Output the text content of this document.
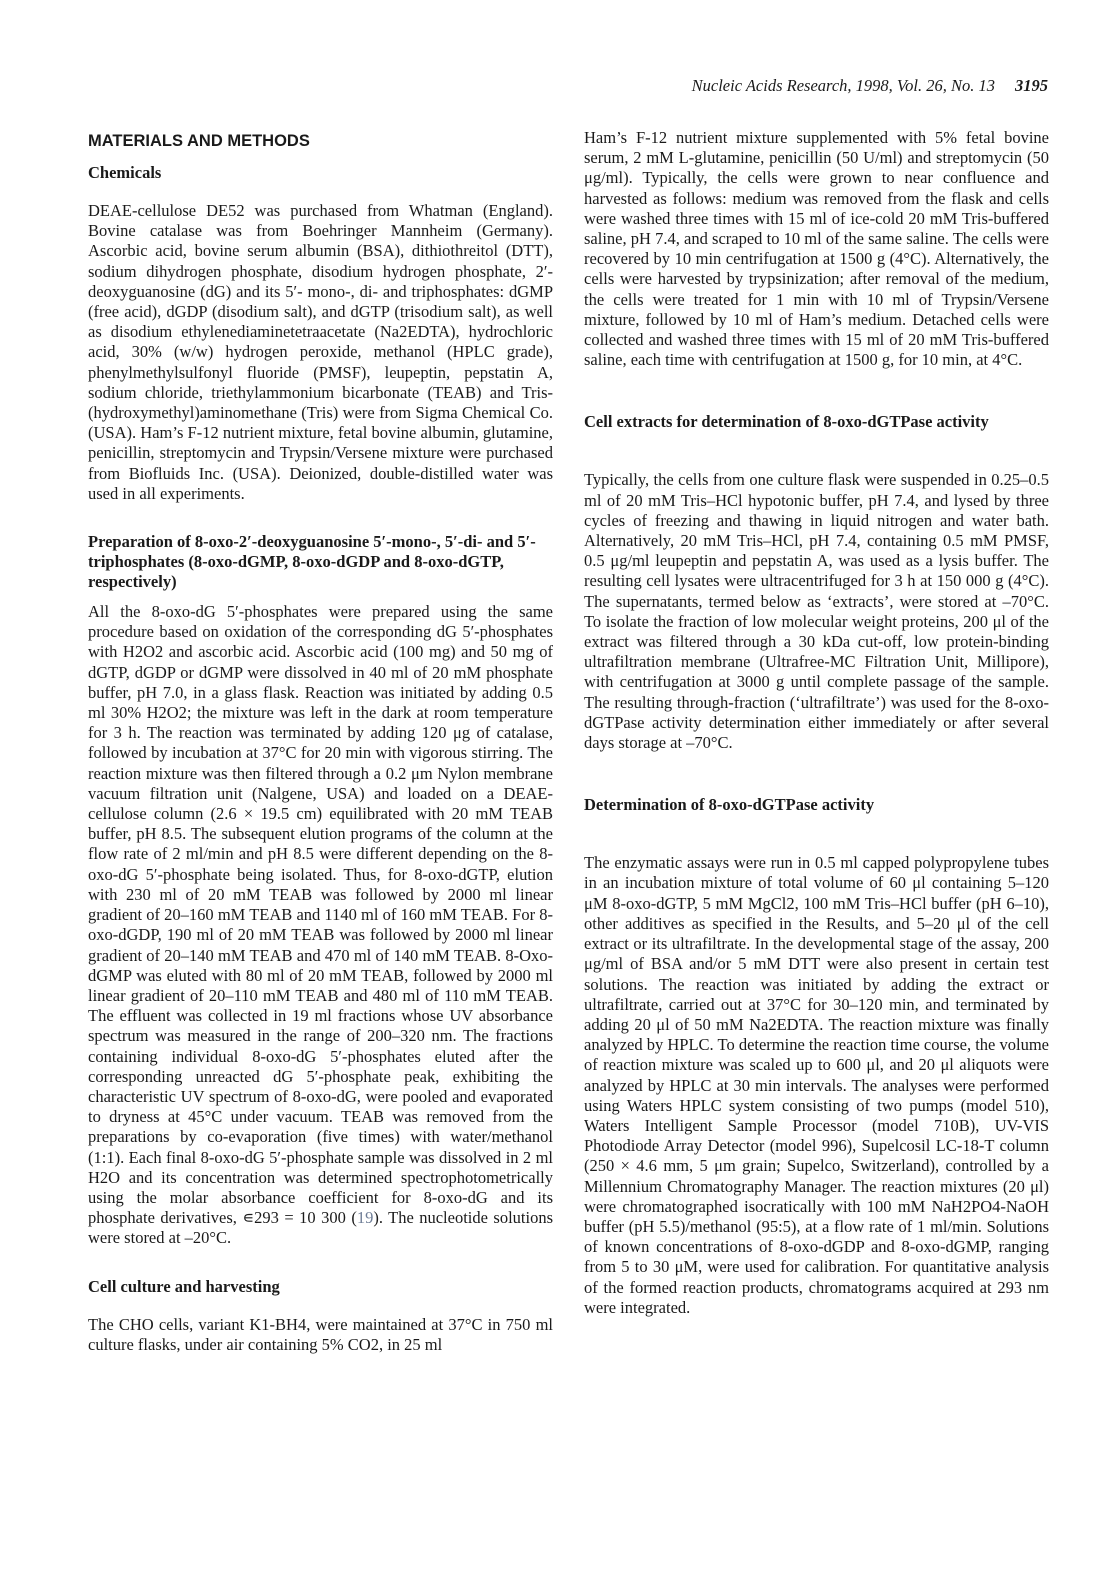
Nucleic Acids Research, 1998, Vol. 26, No. 13 3195
MATERIALS AND METHODS
Chemicals

DEAE-cellulose DE52 was purchased from Whatman (England). Bovine catalase was from Boehringer Mannheim (Germany). Ascorbic acid, bovine serum albumin (BSA), dithiothreitol (DTT), sodium dihydrogen phosphate, disodium hydrogen phosphate, 2′-deoxyguanosine (dG) and its 5′- mono-, di- and triphosphates: dGMP (free acid), dGDP (disodium salt), and dGTP (trisodium salt), as well as disodium ethylenediaminetetraacetate (Na2EDTA), hydrochloric acid, 30% (w/w) hydrogen peroxide, methanol (HPLC grade), phenylmethylsulfonyl fluoride (PMSF), leupeptin, pepstatin A, sodium chloride, triethylammonium bicarbonate (TEAB) and Tris-(hydroxymethyl)aminomethane (Tris) were from Sigma Chemical Co. (USA). Ham’s F-12 nutrient mixture, fetal bovine albumin, glutamine, penicillin, streptomycin and Trypsin/Versene mixture were purchased from Biofluids Inc. (USA). Deionized, double-distilled water was used in all experiments.

Preparation of 8-oxo-2′-deoxyguanosine 5′-mono-, 5′-di- and 5′-triphosphates (8-oxo-dGMP, 8-oxo-dGDP and 8-oxo-dGTP, respectively)

All the 8-oxo-dG 5′-phosphates were prepared using the same procedure based on oxidation of the corresponding dG 5′-phosphates with H2O2 and ascorbic acid. Ascorbic acid (100 mg) and 50 mg of dGTP, dGDP or dGMP were dissolved in 40 ml of 20 mM phosphate buffer, pH 7.0, in a glass flask. Reaction was initiated by adding 0.5 ml 30% H2O2; the mixture was left in the dark at room temperature for 3 h. The reaction was terminated by adding 120 μg of catalase, followed by incubation at 37°C for 20 min with vigorous stirring. The reaction mixture was then filtered through a 0.2 μm Nylon membrane vacuum filtration unit (Nalgene, USA) and loaded on a DEAE-cellulose column (2.6 × 19.5 cm) equilibrated with 20 mM TEAB buffer, pH 8.5. The subsequent elution programs of the column at the flow rate of 2 ml/min and pH 8.5 were different depending on the 8-oxo-dG 5′-phosphate being isolated. Thus, for 8-oxo-dGTP, elution with 230 ml of 20 mM TEAB was followed by 2000 ml linear gradient of 20–160 mM TEAB and 1140 ml of 160 mM TEAB. For 8-oxo-dGDP, 190 ml of 20 mM TEAB was followed by 2000 ml linear gradient of 20–140 mM TEAB and 470 ml of 140 mM TEAB. 8-Oxo-dGMP was eluted with 80 ml of 20 mM TEAB, followed by 2000 ml linear gradient of 20–110 mM TEAB and 480 ml of 110 mM TEAB. The effluent was collected in 19 ml fractions whose UV absorbance spectrum was measured in the range of 200–320 nm. The fractions containing individual 8-oxo-dG 5′-phosphates eluted after the corresponding unreacted dG 5′-phosphate peak, exhibiting the characteristic UV spectrum of 8-oxo-dG, were pooled and evaporated to dryness at 45°C under vacuum. TEAB was removed from the preparations by co-evaporation (five times) with water/methanol (1:1). Each final 8-oxo-dG 5′-phosphate sample was dissolved in 2 ml H2O and its concentration was determined spectrophotometrically using the molar absorbance coefficient for 8-oxo-dG and its phosphate derivatives, ∊293 = 10 300 (19). The nucleotide solutions were stored at –20°C.

Cell culture and harvesting

The CHO cells, variant K1-BH4, were maintained at 37°C in 750 ml culture flasks, under air containing 5% CO2, in 25 ml

Ham’s F-12 nutrient mixture supplemented with 5% fetal bovine serum, 2 mM L-glutamine, penicillin (50 U/ml) and streptomycin (50 μg/ml). Typically, the cells were grown to near confluence and harvested as follows: medium was removed from the flask and cells were washed three times with 15 ml of ice-cold 20 mM Tris-buffered saline, pH 7.4, and scraped to 10 ml of the same saline. The cells were recovered by 10 min centrifugation at 1500 g (4°C). Alternatively, the cells were harvested by trypsinization; after removal of the medium, the cells were treated for 1 min with 10 ml of Trypsin/Versene mixture, followed by 10 ml of Ham’s medium. Detached cells were collected and washed three times with 15 ml of 20 mM Tris-buffered saline, each time with centrifugation at 1500 g, for 10 min, at 4°C.

Cell extracts for determination of 8-oxo-dGTPase activity

Typically, the cells from one culture flask were suspended in 0.25–0.5 ml of 20 mM Tris–HCl hypotonic buffer, pH 7.4, and lysed by three cycles of freezing and thawing in liquid nitrogen and water bath. Alternatively, 20 mM Tris–HCl, pH 7.4, containing 0.5 mM PMSF, 0.5 μg/ml leupeptin and pepstatin A, was used as a lysis buffer. The resulting cell lysates were ultracentrifuged for 3 h at 150 000 g (4°C). The supernatants, termed below as ‘extracts’, were stored at –70°C. To isolate the fraction of low molecular weight proteins, 200 μl of the extract was filtered through a 30 kDa cut-off, low protein-binding ultrafiltration membrane (Ultrafree-MC Filtration Unit, Millipore), with centrifugation at 3000 g until complete passage of the sample. The resulting through-fraction (‘ultrafiltrate’) was used for the 8-oxo-dGTPase activity determination either immediately or after several days storage at –70°C.

Determination of 8-oxo-dGTPase activity

The enzymatic assays were run in 0.5 ml capped polypropylene tubes in an incubation mixture of total volume of 60 μl containing 5–120 μM 8-oxo-dGTP, 5 mM MgCl2, 100 mM Tris–HCl buffer (pH 6–10), other additives as specified in the Results, and 5–20 μl of the cell extract or its ultrafiltrate. In the developmental stage of the assay, 200 μg/ml of BSA and/or 5 mM DTT were also present in certain test solutions. The reaction was initiated by adding the extract or ultrafiltrate, carried out at 37°C for 30–120 min, and terminated by adding 20 μl of 50 mM Na2EDTA. The reaction mixture was finally analyzed by HPLC. To determine the reaction time course, the volume of reaction mixture was scaled up to 600 μl, and 20 μl aliquots were analyzed by HPLC at 30 min intervals. The analyses were performed using Waters HPLC system consisting of two pumps (model 510), Waters Intelligent Sample Processor (model 710B), UV-VIS Photodiode Array Detector (model 996), Supelcosil LC-18-T column (250 × 4.6 mm, 5 μm grain; Supelco, Switzerland), controlled by a Millennium Chromatography Manager. The reaction mixtures (20 μl) were chromatographed isocratically with 100 mM NaH2PO4-NaOH buffer (pH 5.5)/methanol (95:5), at a flow rate of 1 ml/min. Solutions of known concentrations of 8-oxo-dGDP and 8-oxo-dGMP, ranging from 5 to 30 μM, were used for calibration. For quantitative analysis of the formed reaction products, chromatograms acquired at 293 nm were integrated.
